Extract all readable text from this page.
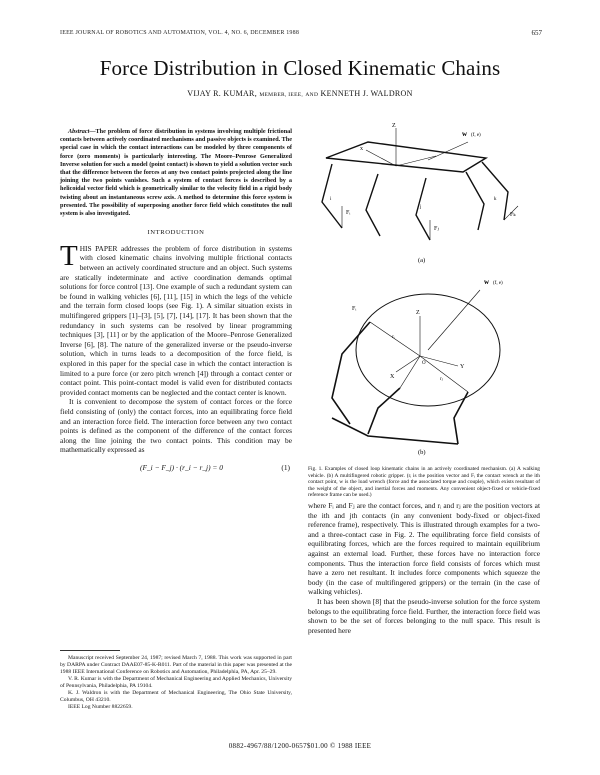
IEEE JOURNAL OF ROBOTICS AND AUTOMATION, VOL. 4, NO. 6, DECEMBER 1988	657
Force Distribution in Closed Kinematic Chains
VIJAY R. KUMAR, MEMBER, IEEE, AND KENNETH J. WALDRON

Abstract—The problem of force distribution in systems involving multiple frictional contacts between actively coordinated mechanisms and passive objects is examined. The special case in which the contact interactions can be modeled by three components of force (zero moments) is particularly interesting. The Moore–Penrose Generalized Inverse solution for such a model (point contact) is shown to yield a solution vector such that the difference between the forces at any two contact points projected along the line joining the two points vanishes. Such a system of contact forces is described by a helicoidal vector field which is geometrically similar to the velocity field in a rigid body twisting about an instantaneous screw axis. A method to determine this force system is presented. The possibility of superposing another force field which constitutes the null system is also investigated.

INTRODUCTION

THIS PAPER addresses the problem of force distribution in systems with closed kinematic chains involving multiple frictional contacts between an actively coordinated structure and an object. Such systems are statically indeterminate and active coordination demands optimal solutions for force control [13]. One example of such a redundant system can be found in walking vehicles [6], [11], [15] in which the legs of the vehicle and the terrain form closed loops (see Fig. 1). A similar situation exists in multifingered grippers [1]–[3], [5], [7], [14], [17]. It has been shown that the redundancy in such systems can be resolved by linear programming techniques [3], [11] or by the application of the Moore–Penrose Generalized Inverse [6], [8]. The nature of the generalized inverse or the pseudo-inverse solution, which in turns leads to a decomposition of the force field, is explored in this paper for the special case in which the contact interaction is limited to a pure force (or zero pitch wrench [4]) through a contact center or contact point. This point-contact model is valid even for distributed contacts provided contact moments can be neglected and the contact center is known.

It is convenient to decompose the system of contact forces or the force field consisting of (only) the contact forces, into an equilibrating force field and an interaction force field. The interaction force between any two contact points is defined as the component of the difference of the contact forces along the line joining the two contact points. This condition may be mathematically expressed as

(F_i − F_j) · (r_i − r_j) = 0	(1)

Manuscript received September 24, 1987; revised March 7, 1988. This work was supported in part by DARPA under Contract DAAE07-85-K-R011. Part of the material in this paper was presented at the 1988 IEEE International Conference on Robotics and Automation, Philadelphia, PA, Apr. 25–29.

V. R. Kumar is with the Department of Mechanical Engineering and Applied Mechanics, University of Pennsylvania, Philadelphia, PA 19104.

K. J. Waldron is with the Department of Mechanical Engineering, The Ohio State University, Columbus, OH 43210.

IEEE Log Number 8822659.

w (f, e)
Z
x
Fᵢ
Fⱼ
Fₖ
i
j
k
(a)
w (f, e)
Fᵢ
Z
Y
X
O
rᵢ
rⱼ
(b)
Fig. 1. Examples of closed loop kinematic chains in an actively coordinated mechanism. (a) A walking vehicle. (b) A multifingered robotic gripper. (rᵢ is the position vector and Fᵢ the contact wrench at the ith contact point, w is the load wrench (force and the associated torque and couple), which exists resultant of the weight of the object, and inertial forces and moments. Any convenient object-fixed or vehicle-fixed reference frame can be used.)

where Fᵢ and Fⱼ are the contact forces, and rᵢ and rⱼ are the position vectors at the ith and jth contacts (in any convenient body-fixed or object-fixed reference frame), respectively. This is illustrated through examples for a two- and a three-contact case in Fig. 2. The equilibrating force field consists of equilibrating forces, which are the forces required to maintain equilibrium against an external load. Further, these forces have no interaction force components. Thus the interaction force field consists of forces which must have a zero net resultant. It includes force components which squeeze the body (in the case of multifingered grippers) or the terrain (in the case of walking vehicles).

It has been shown [8] that the pseudo-inverse solution for the force system belongs to the equilibrating force field. Further, the interaction force field was shown to be the set of forces belonging to the null space. This result is presented here

0882-4967/88/1200-0657$01.00 © 1988 IEEE
